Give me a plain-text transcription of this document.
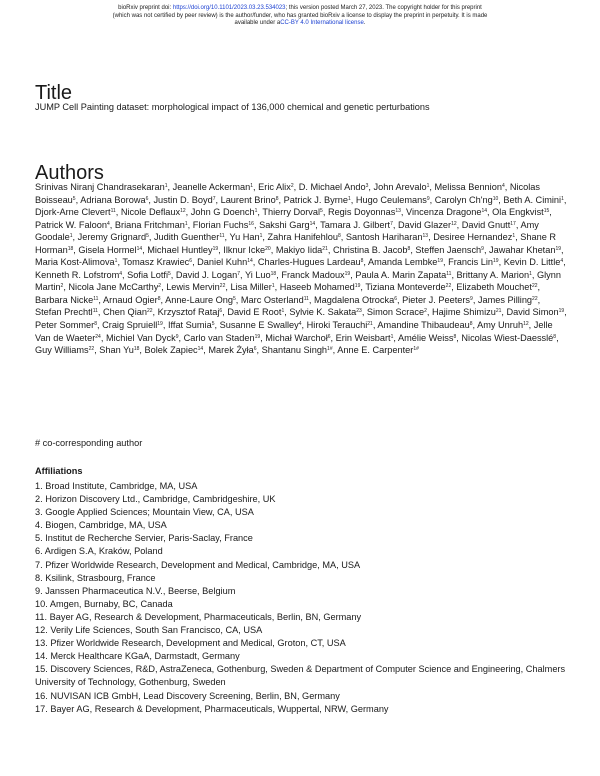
bioRxiv preprint doi: https://doi.org/10.1101/2023.03.23.534023; this version posted March 27, 2023. The copyright holder for this preprint
(which was not certified by peer review) is the author/funder, who has granted bioRxiv a license to display the preprint in perpetuity. It is made
available under aCC-BY 4.0 International license.
Title
JUMP Cell Painting dataset: morphological impact of 136,000 chemical and genetic perturbations
Authors
Srinivas Niranj Chandrasekaran$^1$, Jeanelle Ackerman$^1$, Eric Alix$^2$, D. Michael Ando$^3$, John Arevalo$^1$, Melissa Bennion$^4$, Nicolas Boisseau$^5$, Adriana Borowa$^6$, Justin D. Boyd$^7$, Laurent Brino$^8$, Patrick J. Byrne$^1$, Hugo Ceulemans$^9$, Carolyn $Ch'ng^{10}$, Beth A. Cimini$^1$, Djork-Arne Clevert$^{11}$, Nicole Deflaux$^{12}$, John G Doench$^1$, Thierry Dorval$^5$, Regis Doyonnas$^{13}$, Vincenza Dragone$^{14}$, Ola Engkvist$^{15}$, Patrick W. Faloon$^4$, Briana Fritchman$^1$, Florian Fuchs$^{16}$, Sakshi Garg$^{14}$, Tamara J. Gilbert$^7$, David Glazer$^{12}$, David Gnutt$^{17}$, Amy Goodale$^1$, Jeremy Grignard$^5$, Judith Guenther$^{11}$, Yu Han$^1$, Zahra Hanifehlou$^8$, Santosh Hariharan$^{13}$, Desiree Hernandez$^1$, Shane R Horman$^{18}$, Gisela Hormel$^{14}$, Michael Huntley$^{19}$, Ilknur Icke$^{20}$, Makiyo Iida$^{21}$, Christina B. Jacob$^8$, Steffen Jaensch$^9$, Jawahar Khetan$^{19}$, Maria Kost-Alimova$^1$, Tomasz Krawiec$^6$, Daniel Kuhn$^{14}$, Charles-Hugues Lardeau$^8$, Amanda Lembke$^{19}$, Francis Lin$^{19}$, Kevin D. Little$^4$, Kenneth R. Lofstrom$^4$, Sofia Lotfi$^5$, David J. Logan$^7$, Yi Luo$^{18}$, Franck Madoux$^{19}$, Paula A. Marin Zapata$^{11}$, Brittany A. Marion$^1$, Glynn Martin$^2$, Nicola Jane McCarthy$^2$, Lewis Mervin$^{22}$, Lisa Miller$^1$, Haseeb Mohamed$^{19}$, Tiziana Monteverde$^{22}$, Elizabeth Mouchet$^{22}$, Barbara Nicke$^{11}$, Arnaud Ogier$^8$, Anne-Laure Ong$^5$, Marc Osterland$^{11}$, Magdalena Otrocka$^6$, Pieter J. Peeters$^9$, James Pilling$^{22}$, Stefan Prechtl$^{11}$, Chen Qian$^{22}$, Krzysztof Rataj$^6$, David E Root$^1$, Sylvie K. Sakata$^{23}$, Simon Scrace$^2$, Hajime Shimizu$^{21}$, David Simon$^{19}$, Peter Sommer$^8$, Craig Spruiell$^{19}$, Iffat Sumia$^5$, Susanne E Swalley$^4$, Hiroki Terauchi$^{21}$, Amandine Thibaudeau$^8$, Amy Unruh$^{12}$, Jelle Van de Waeter$^{24}$, Michiel Van Dyck$^9$, Carlo van Staden$^{19}$, Michał Warchoł$^6$, Erin Weisbart$^1$, Amélie Weiss$^8$, Nicolas Wiest-Daesslé$^8$, Guy Williams$^{22}$, Shan Yu$^{18}$, Bolek Zapiec$^{14}$, Marek Żyła$^6$, Shantanu Singh$^{1\#}$, Anne E. Carpenter$^{1\#}$
# co-corresponding author
Affiliations
1. Broad Institute, Cambridge, MA, USA
2. Horizon Discovery Ltd., Cambridge, Cambridgeshire, UK
3. Google Applied Sciences; Mountain View, CA, USA
4. Biogen, Cambridge, MA, USA
5. Institut de Recherche Servier, Paris-Saclay, France
6. Ardigen S.A, Kraków, Poland
7. Pfizer Worldwide Research, Development and Medical, Cambridge, MA, USA
8. Ksilink, Strasbourg, France
9. Janssen Pharmaceutica N.V., Beerse, Belgium
10. Amgen, Burnaby, BC, Canada
11. Bayer AG, Research & Development, Pharmaceuticals, Berlin, BN, Germany
12. Verily Life Sciences, South San Francisco, CA, USA
13. Pfizer Worldwide Research, Development and Medical, Groton, CT, USA
14. Merck Healthcare KGaA, Darmstadt, Germany
15. Discovery Sciences, R&D, AstraZeneca, Gothenburg, Sweden & Department of Computer Science and Engineering, Chalmers University of Technology, Gothenburg, Sweden
16. NUVISAN ICB GmbH, Lead Discovery Screening, Berlin, BN, Germany
17. Bayer AG, Research & Development, Pharmaceuticals, Wuppertal, NRW, Germany
